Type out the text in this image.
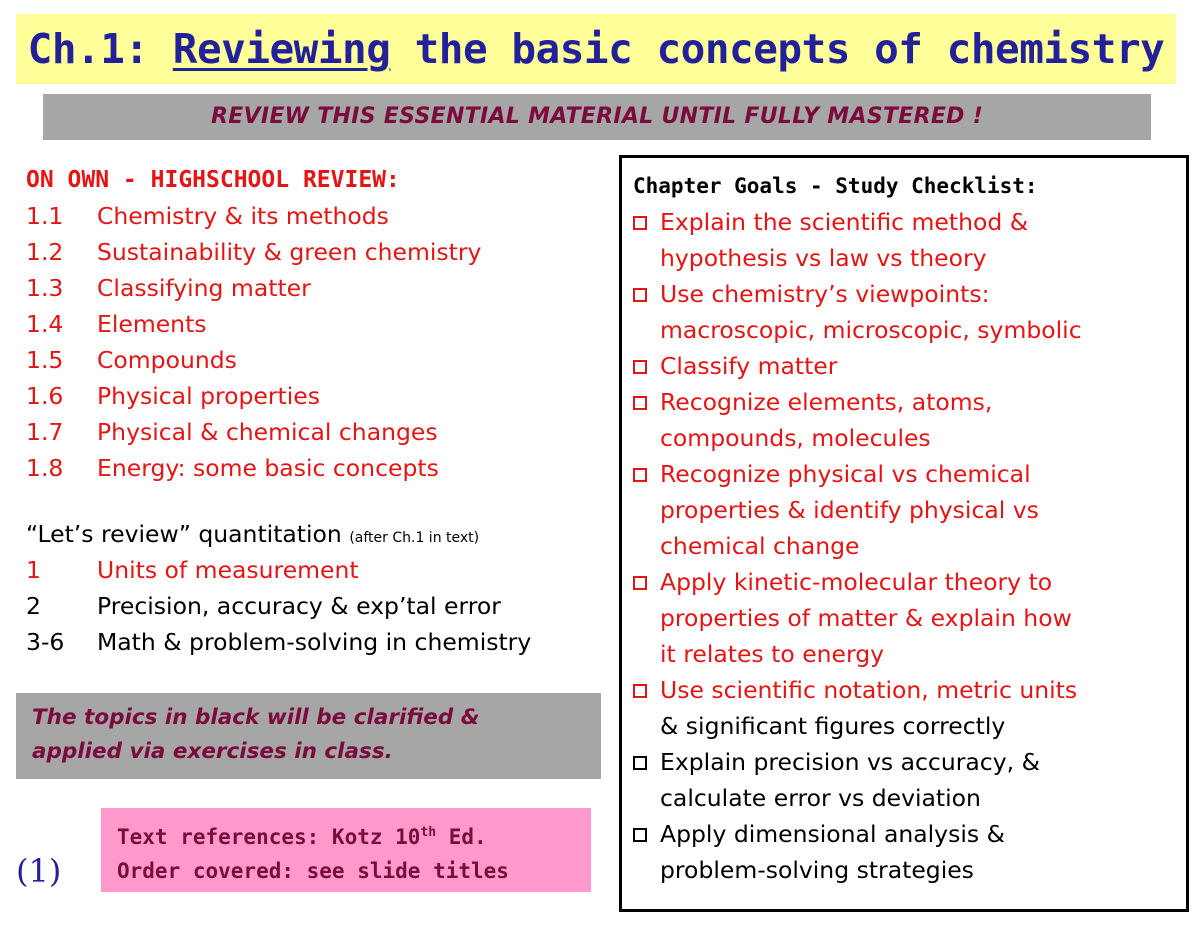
Ch.1: Reviewing the basic concepts of chemistry
REVIEW THIS ESSENTIAL MATERIAL UNTIL FULLY MASTERED !
ON OWN - HIGHSCHOOL REVIEW:
1.1	Chemistry & its methods
1.2	Sustainability & green chemistry
1.3	Classifying matter
1.4	Elements
1.5	Compounds
1.6	Physical properties
1.7	Physical & chemical changes
1.8	Energy: some basic concepts
“Let’s review” quantitation (after Ch.1 in text)
1	Units of measurement
2	Precision, accuracy & exp’tal error
3-6	Math & problem-solving in chemistry
The topics in black will be clarified &
applied via exercises in class.
Text references: Kotz 10th Ed.
Order covered: see slide titles
(1)
Chapter Goals - Study Checklist:
Explain the scientific method &
hypothesis vs law vs theory
Use chemistry’s viewpoints:
macroscopic, microscopic, symbolic
Classify matter
Recognize elements, atoms,
compounds, molecules
Recognize physical vs chemical
properties & identify physical vs
chemical change
Apply kinetic-molecular theory to
properties of matter & explain how
it relates to energy
Use scientific notation, metric units
& significant figures correctly
Explain precision vs accuracy, &
calculate error vs deviation
Apply dimensional analysis &
problem-solving strategies
